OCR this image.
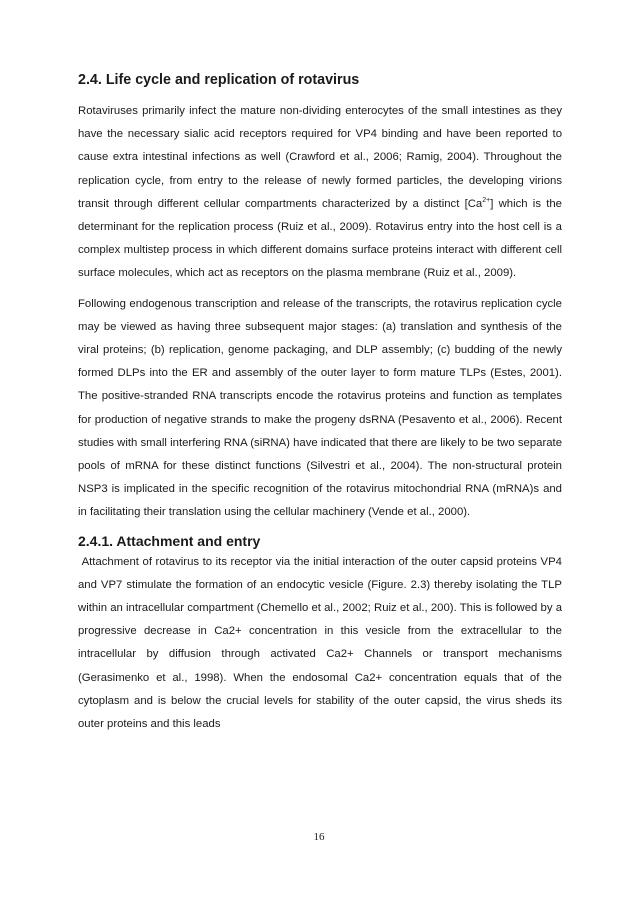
2.4. Life cycle and replication of rotavirus

Rotaviruses primarily infect the mature non-dividing enterocytes of the small intestines as they have the necessary sialic acid receptors required for VP4 binding and have been reported to cause extra intestinal infections as well (Crawford et al., 2006; Ramig, 2004). Throughout the replication cycle, from entry to the release of newly formed particles, the developing virions transit through different cellular compartments characterized by a distinct $[Ca^{2+}]$ which is the determinant for the replication process (Ruiz et al., 2009). Rotavirus entry into the host cell is a complex multistep process in which different domains surface proteins interact with different cell surface molecules, which act as receptors on the plasma membrane (Ruiz et al., 2009).

Following endogenous transcription and release of the transcripts, the rotavirus replication cycle may be viewed as having three subsequent major stages: (a) translation and synthesis of the viral proteins; (b) replication, genome packaging, and DLP assembly; (c) budding of the newly formed DLPs into the ER and assembly of the outer layer to form mature TLPs (Estes, 2001). The positive-stranded RNA transcripts encode the rotavirus proteins and function as templates for production of negative strands to make the progeny dsRNA (Pesavento et al., 2006). Recent studies with small interfering RNA (siRNA) have indicated that there are likely to be two separate pools of mRNA for these distinct functions (Silvestri et al., 2004). The non-structural protein NSP3 is implicated in the specific recognition of the rotavirus mitochondrial RNA (mRNA)s and in facilitating their translation using the cellular machinery (Vende et al., 2000).

2.4.1. Attachment and entry

Attachment of rotavirus to its receptor via the initial interaction of the outer capsid proteins VP4 and VP7 stimulate the formation of an endocytic vesicle (Figure. 2.3) thereby isolating the TLP within an intracellular compartment (Chemello et al., 2002; Ruiz et al., 200). This is followed by a progressive decrease in Ca2+ concentration in this vesicle from the extracellular to the intracellular by diffusion through activated Ca2+ Channels or transport mechanisms (Gerasimenko et al., 1998). When the endosomal Ca2+ concentration equals that of the cytoplasm and is below the crucial levels for stability of the outer capsid, the virus sheds its outer proteins and this leads

16
